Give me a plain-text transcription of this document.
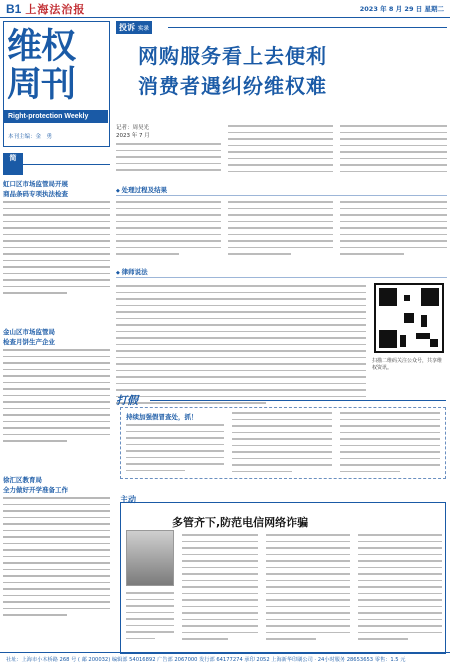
B1 上海法治报	2023 年 8 月 29 日 星期二
维权
周刊
Right-protection Weekly
本刊主编：金　勇
简
虹口区市场监管局开展
商品条码专项执法检查
金山区市场监管局
检查月饼生产企业
徐汇区教育局
全力做好开学准备工作
投诉 实录
网购服务看上去便利
消费者遇纠纷维权难
记者：周昊光
2023 年 7 月
◆ 处理过程及结果
◆ 律师说法
扫描二维码关注公众号，共享维权资讯。
打假
持续加强假冒查处，抓！
主动
多管齐下,防范电信网络诈骗
社址：上海市小木桥路 268 号 ( 邮 200032) 编辑部 54016892 广告部 2067000 发行部 64177274 承印 2052 上海新华印刷公司 · 24小时服务 28653653 零售：1.5 元
